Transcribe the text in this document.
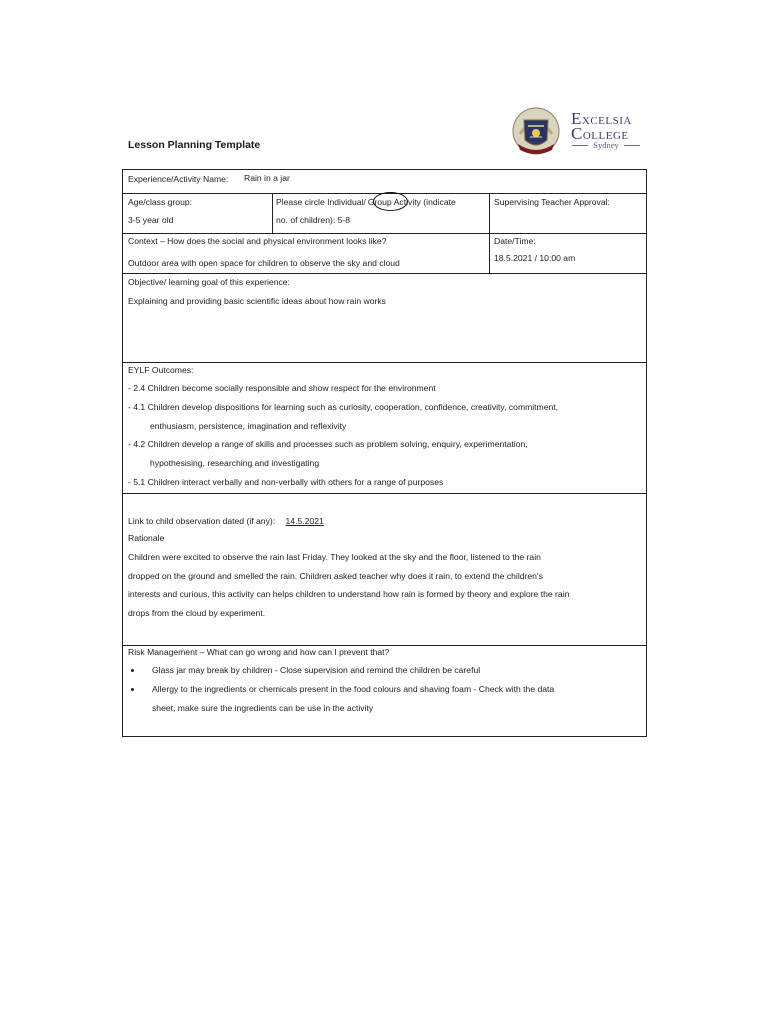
Lesson Planning Template
EXCELSIA
COLLEGE
Sydney
Experience/Activity Name: Rain in a jar
Age/class group:
3-5 year old
Please circle Individual/ Group Activity (indicate
no. of children): 5-8
Supervising Teacher Approval:
Context – How does the social and physical environment looks like?
Outdoor area with open space for children to observe the sky and cloud
Date/Time:
18.5.2021 / 10:00 am
Objective/ learning goal of this experience:
Explaining and providing basic scientific ideas about how rain works
EYLF Outcomes:
- 2.4 Children become socially responsible and show respect for the environment
- 4.1 Children develop dispositions for learning such as curiosity, cooperation, confidence, creativity, commitment,
enthusiasm, persistence, imagination and reflexivity
- 4.2 Children develop a range of skills and processes such as problem solving, enquiry, experimentation,
hypothesising, researching and investigating
- 5.1 Children interact verbally and non-verbally with others for a range of purposes
Link to child observation dated (if any): 14.5.2021
Rationale
Children were excited to observe the rain last Friday. They looked at the sky and the floor, listened to the rain
dropped on the ground and smelled the rain. Children asked teacher why does it rain, to extend the children's
interests and curious, this activity can helps children to understand how rain is formed by theory and explore the rain
drops from the cloud by experiment.
Risk Management – What can go wrong and how can I prevent that?
Glass jar may break by children - Close supervision and remind the children be careful
Allergy to the ingredients or chemicals present in the food colours and shaving foam - Check with the data
sheet, make sure the ingredients can be use in the activity
